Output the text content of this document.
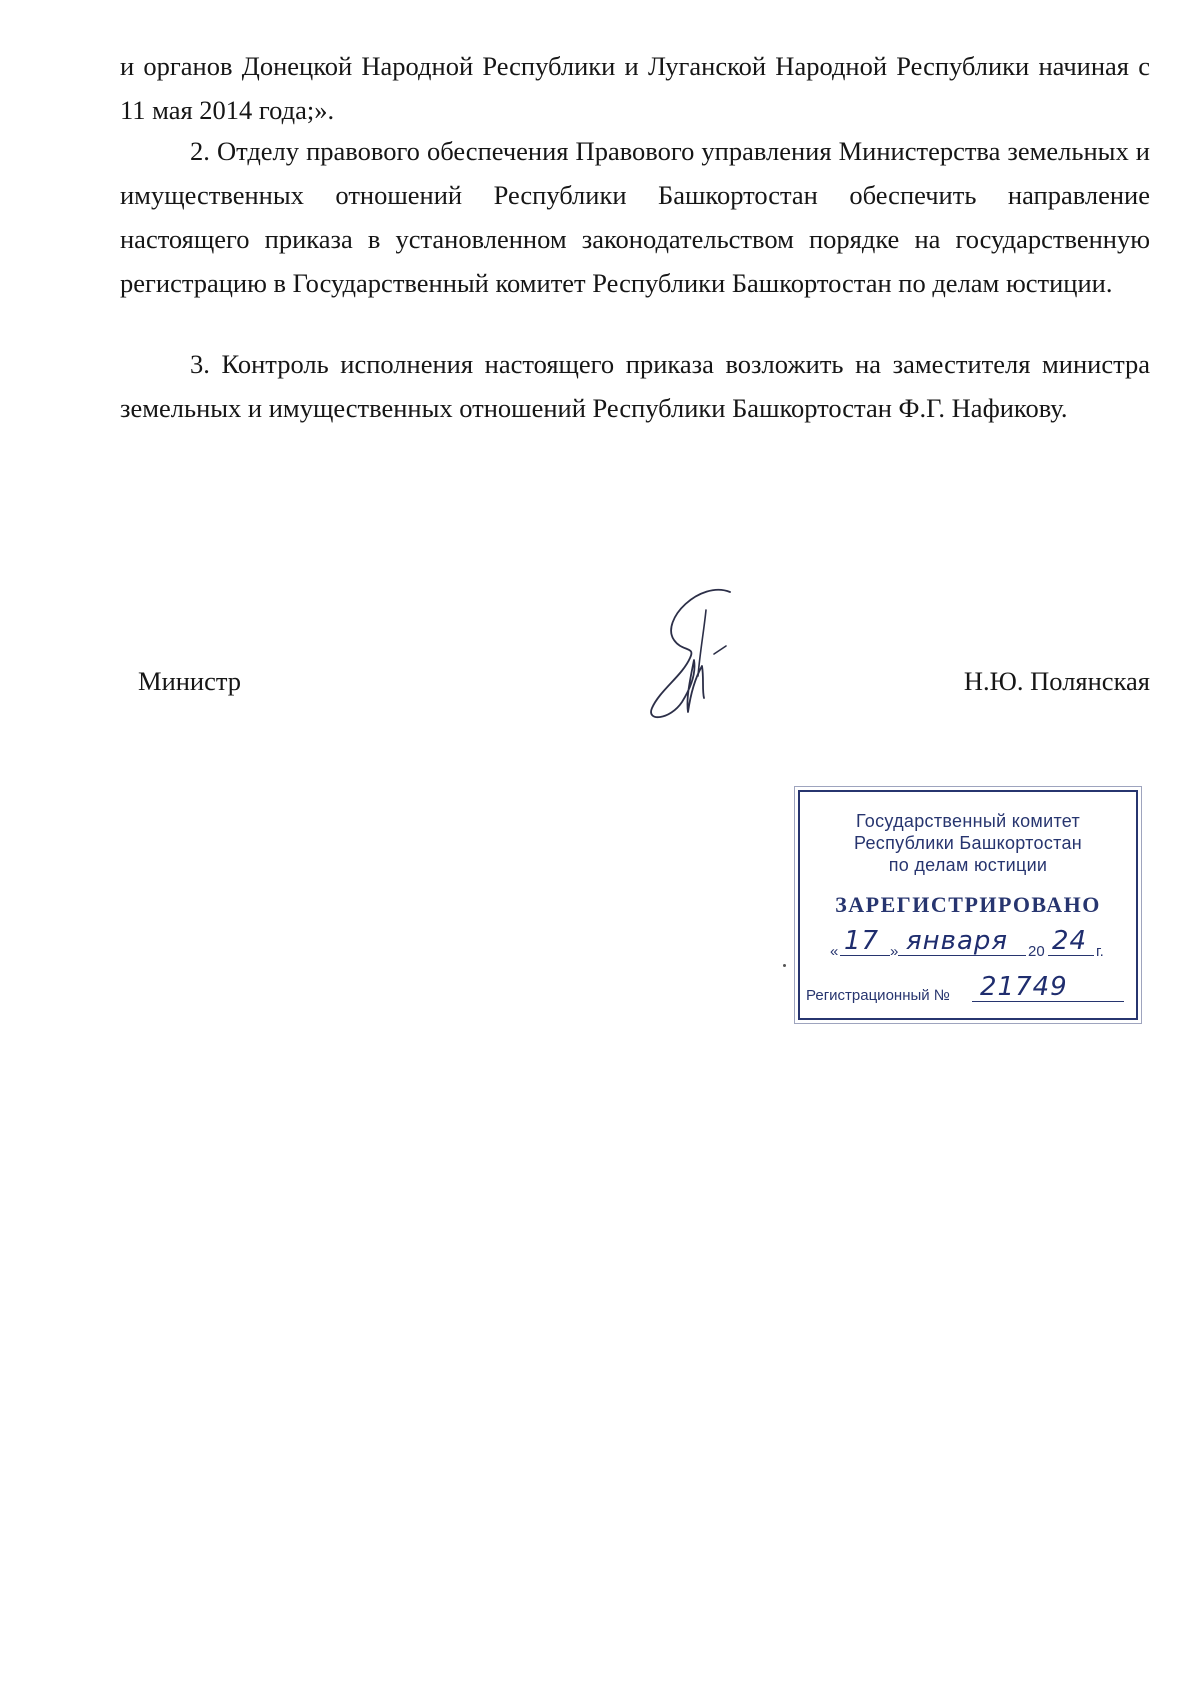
и органов Донецкой Народной Республики и Луганской Народной Республики начиная с 11 мая 2014 года;».

2. Отделу правового обеспечения Правового управления Министерства земельных и имущественных отношений Республики Башкортостан обеспечить направление настоящего приказа в установленном законодательством порядке на государственную регистрацию в Государственный комитет Республики Башкортостан по делам юстиции.

3. Контроль исполнения настоящего приказа возложить на заместителя министра земельных и имущественных отношений Республики Башкортостан Ф.Г. Нафикову.

Министр	Н.Ю. Полянская

Государственный комитет
Республики Башкортостан
по делам юстиции
ЗАРЕГИСТРИРОВАНО
« 17 » января 20 24 г.
Регистрационный № 21749
